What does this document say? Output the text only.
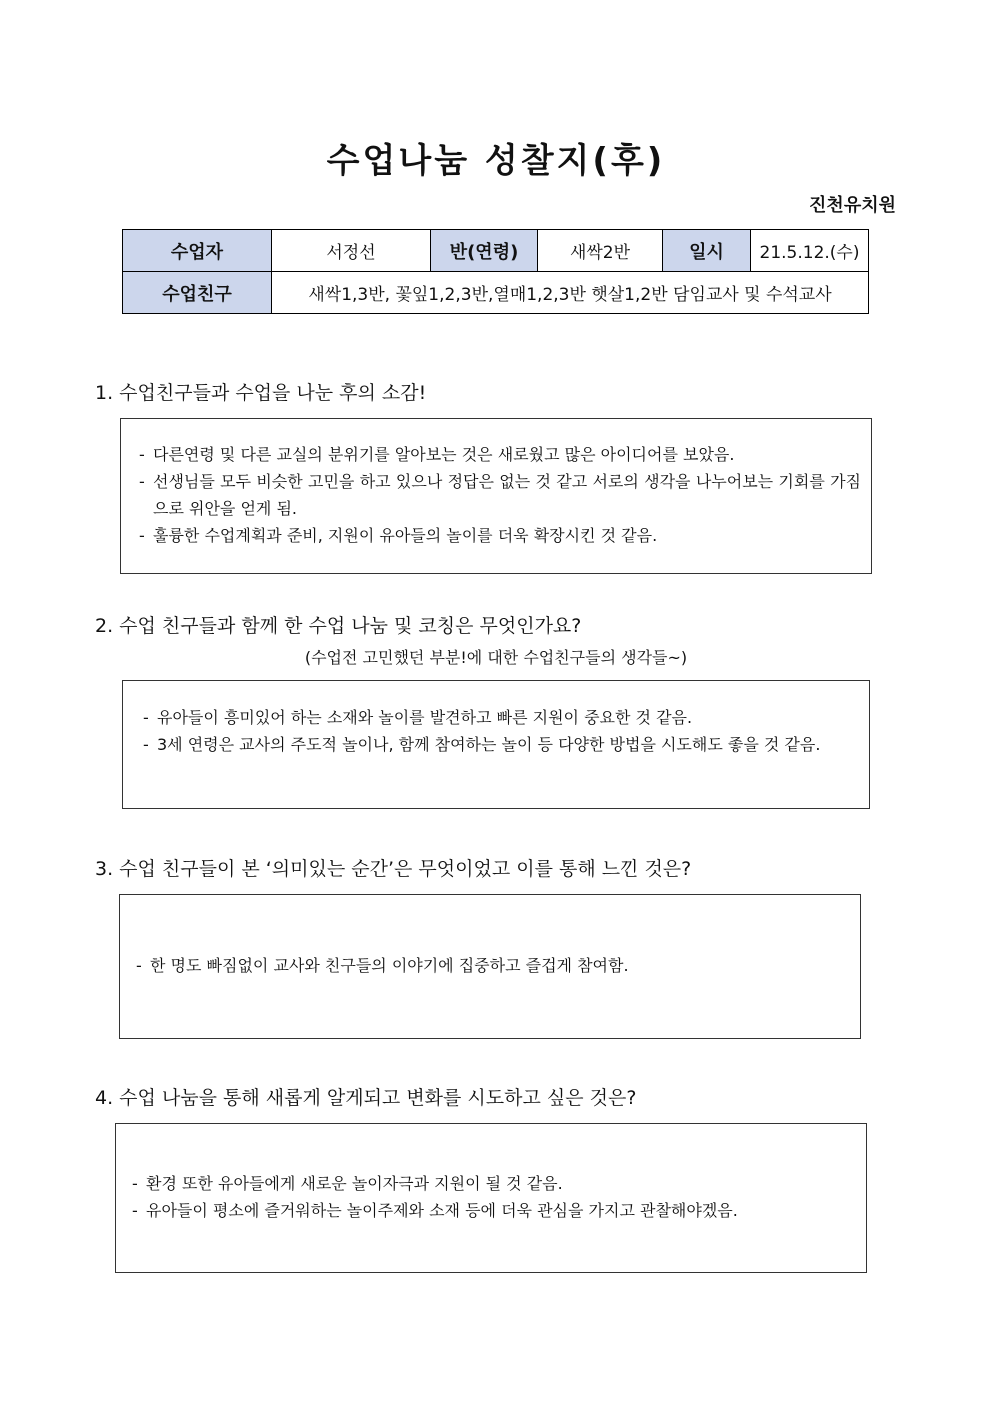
수업나눔 성찰지(후)
진천유치원
수업자	서정선	반(연령)	새싹2반	일시	21.5.12.(수)
수업친구	새싹1,3반, 꽃잎1,2,3반,열매1,2,3반 햇살1,2반 담임교사 및 수석교사				
1. 수업친구들과 수업을 나눈 후의 소감!
- 다른연령 및 다른 교실의 분위기를 알아보는 것은 새로웠고 많은 아이디어를 보았음.
- 선생님들 모두 비슷한 고민을 하고 있으나 정답은 없는 것 같고 서로의 생각을 나누어보는 기회를 가짐으로 위안을 얻게 됨.
- 훌륭한 수업계획과 준비, 지원이 유아들의 놀이를 더욱 확장시킨 것 같음.
2. 수업 친구들과 함께 한 수업 나눔 및 코칭은 무엇인가요?
(수업전 고민했던 부분!에 대한 수업친구들의 생각들~)
- 유아들이 흥미있어 하는 소재와 놀이를 발견하고 빠른 지원이 중요한 것 같음.
- 3세 연령은 교사의 주도적 놀이나, 함께 참여하는 놀이 등 다양한 방법을 시도해도 좋을 것 같음.
3. 수업 친구들이 본 ‘의미있는 순간’은 무엇이었고 이를 통해 느낀 것은?
- 한 명도 빠짐없이 교사와 친구들의 이야기에 집중하고 즐겁게 참여함.
4. 수업 나눔을 통해 새롭게 알게되고 변화를 시도하고 싶은 것은?
- 환경 또한 유아들에게 새로운 놀이자극과 지원이 될 것 같음.
- 유아들이 평소에 즐거워하는 놀이주제와 소재 등에 더욱 관심을 가지고 관찰해야겠음.
